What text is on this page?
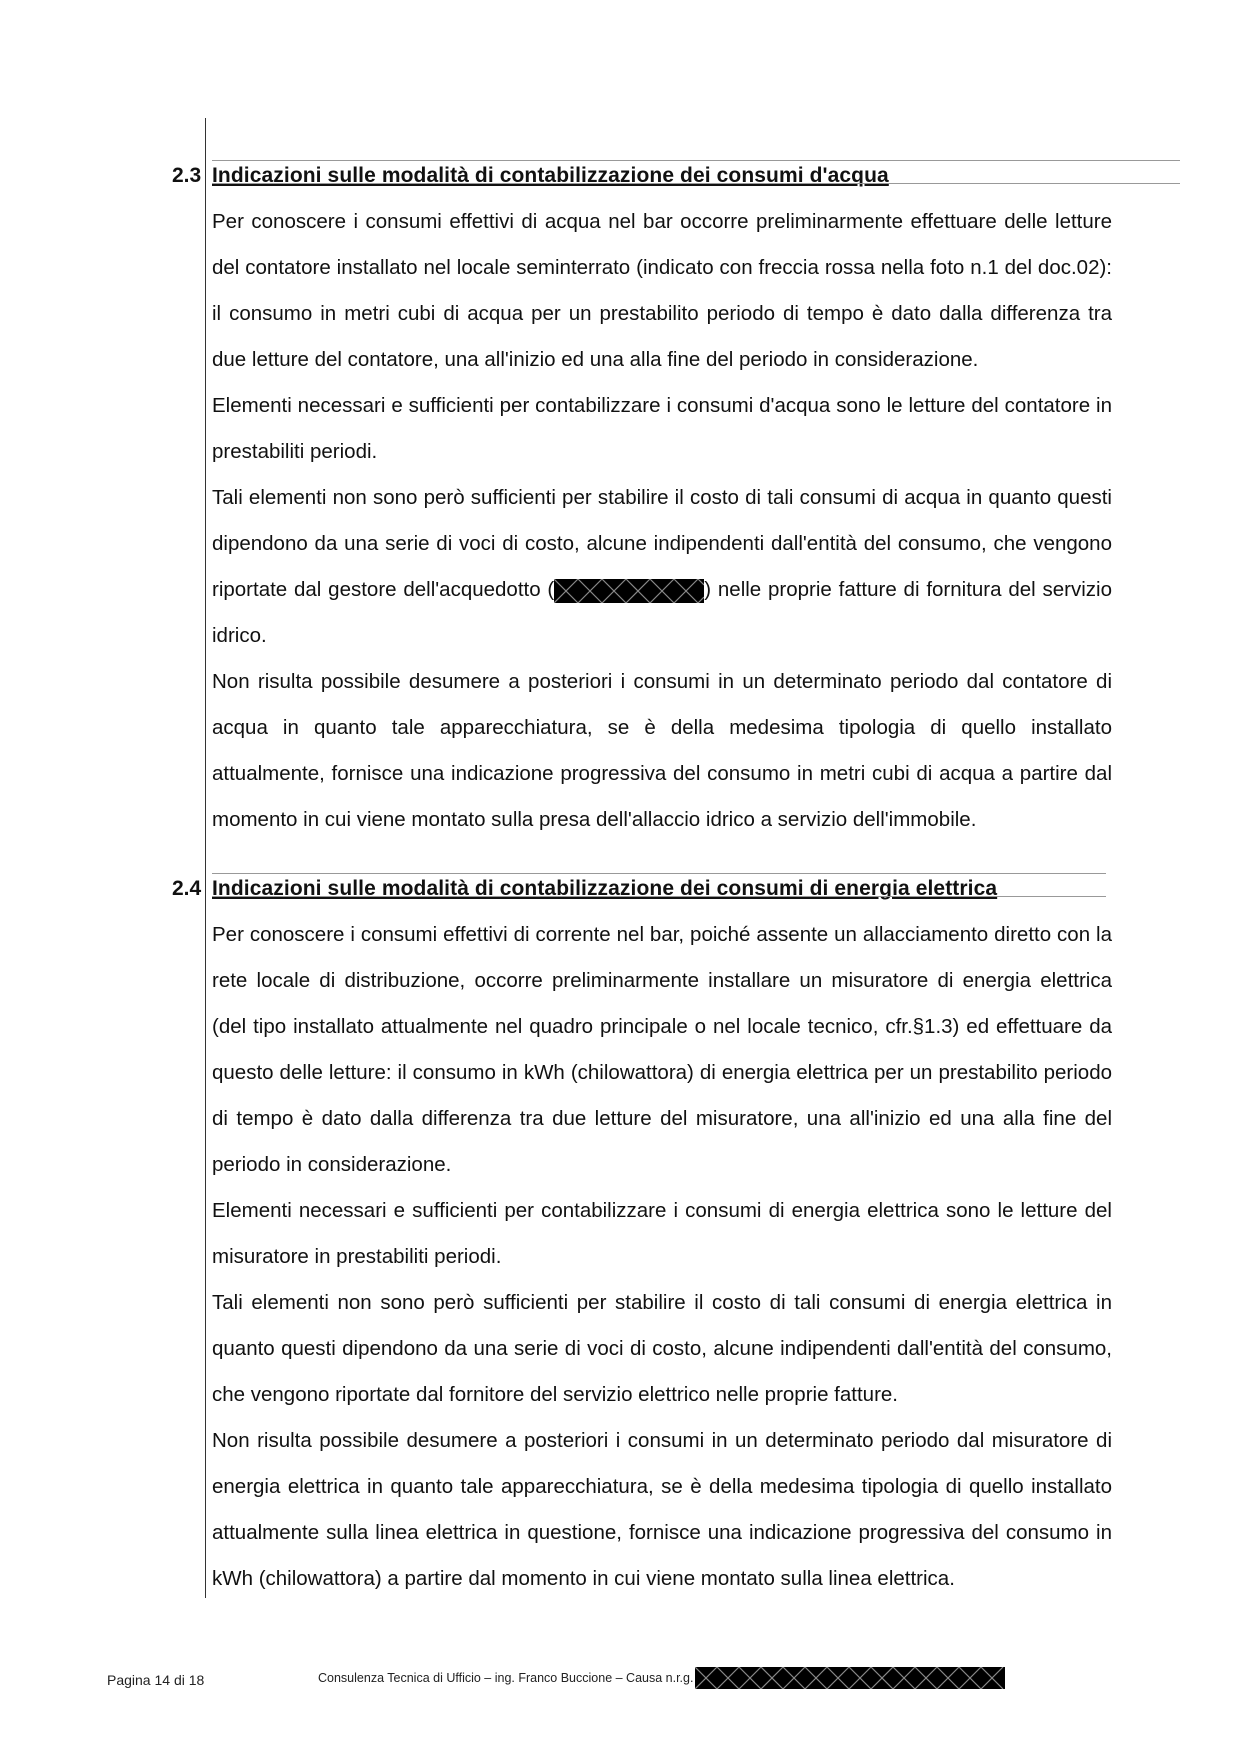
2.3 Indicazioni sulle modalità di contabilizzazione dei consumi d'acqua

Per conoscere i consumi effettivi di acqua nel bar occorre preliminarmente effettuare delle letture del contatore installato nel locale seminterrato (indicato con freccia rossa nella foto n.1 del doc.02): il consumo in metri cubi di acqua per un prestabilito periodo di tempo è dato dalla differenza tra due letture del contatore, una all'inizio ed una alla fine del periodo in considerazione.

Elementi necessari e sufficienti per contabilizzare i consumi d'acqua sono le letture del contatore in prestabiliti periodi.

Tali elementi non sono però sufficienti per stabilire il costo di tali consumi di acqua in quanto questi dipendono da una serie di voci di costo, alcune indipendenti dall'entità del consumo, che vengono riportate dal gestore dell'acquedotto (	) nelle proprie fatture di fornitura del servizio idrico.

Non risulta possibile desumere a posteriori i consumi in un determinato periodo dal contatore di acqua in quanto tale apparecchiatura, se è della medesima tipologia di quello installato attualmente, fornisce una indicazione progressiva del consumo in metri cubi di acqua a partire dal momento in cui viene montato sulla presa dell'allaccio idrico a servizio dell'immobile.

2.4 Indicazioni sulle modalità di contabilizzazione dei consumi di energia elettrica

Per conoscere i consumi effettivi di corrente nel bar, poiché assente un allacciamento diretto con la rete locale di distribuzione, occorre preliminarmente installare un misuratore di energia elettrica (del tipo installato attualmente nel quadro principale o nel locale tecnico, cfr.§1.3) ed effettuare da questo delle letture: il consumo in kWh (chilowattora) di energia elettrica per un prestabilito periodo di tempo è dato dalla differenza tra due letture del misuratore, una all'inizio ed una alla fine del periodo in considerazione.

Elementi necessari e sufficienti per contabilizzare i consumi di energia elettrica sono le letture del misuratore in prestabiliti periodi.

Tali elementi non sono però sufficienti per stabilire il costo di tali consumi di energia elettrica in quanto questi dipendono da una serie di voci di costo, alcune indipendenti dall'entità del consumo, che vengono riportate dal fornitore del servizio elettrico nelle proprie fatture.

Non risulta possibile desumere a posteriori i consumi in un determinato periodo dal misuratore di energia elettrica in quanto tale apparecchiatura, se è della medesima tipologia di quello installato attualmente sulla linea elettrica in questione, fornisce una indicazione progressiva del consumo in kWh (chilowattora) a partire dal momento in cui viene montato sulla linea elettrica.

Pagina 14 di 18	Consulenza Tecnica di Ufficio – ing. Franco Buccione – Causa n.r.g.
